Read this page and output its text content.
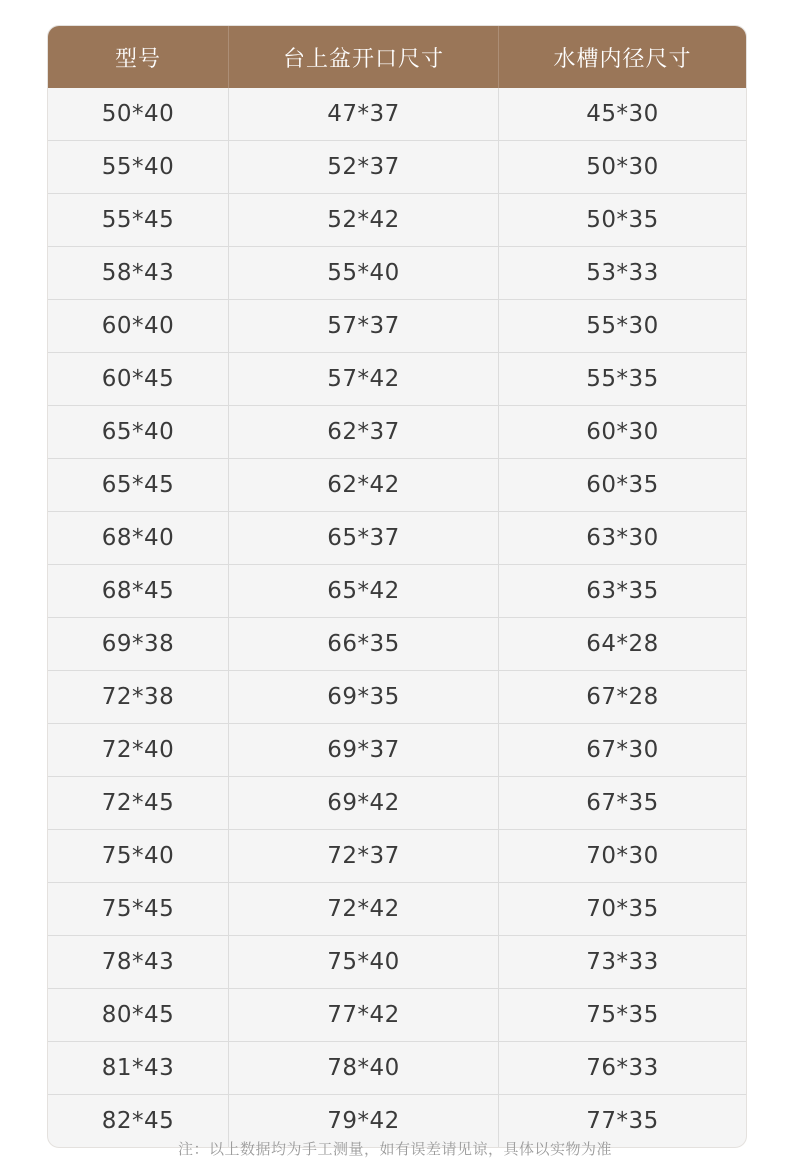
型号	台上盆开口尺寸	水槽内径尺寸
50*40	47*37	45*30
55*40	52*37	50*30
55*45	52*42	50*35
58*43	55*40	53*33
60*40	57*37	55*30
60*45	57*42	55*35
65*40	62*37	60*30
65*45	62*42	60*35
68*40	65*37	63*30
68*45	65*42	63*35
69*38	66*35	64*28
72*38	69*35	67*28
72*40	69*37	67*30
72*45	69*42	67*35
75*40	72*37	70*30
75*45	72*42	70*35
78*43	75*40	73*33
80*45	77*42	75*35
81*43	78*40	76*33
82*45	79*42	77*35
注：以上数据均为手工测量，如有误差请见谅，具体以实物为准
